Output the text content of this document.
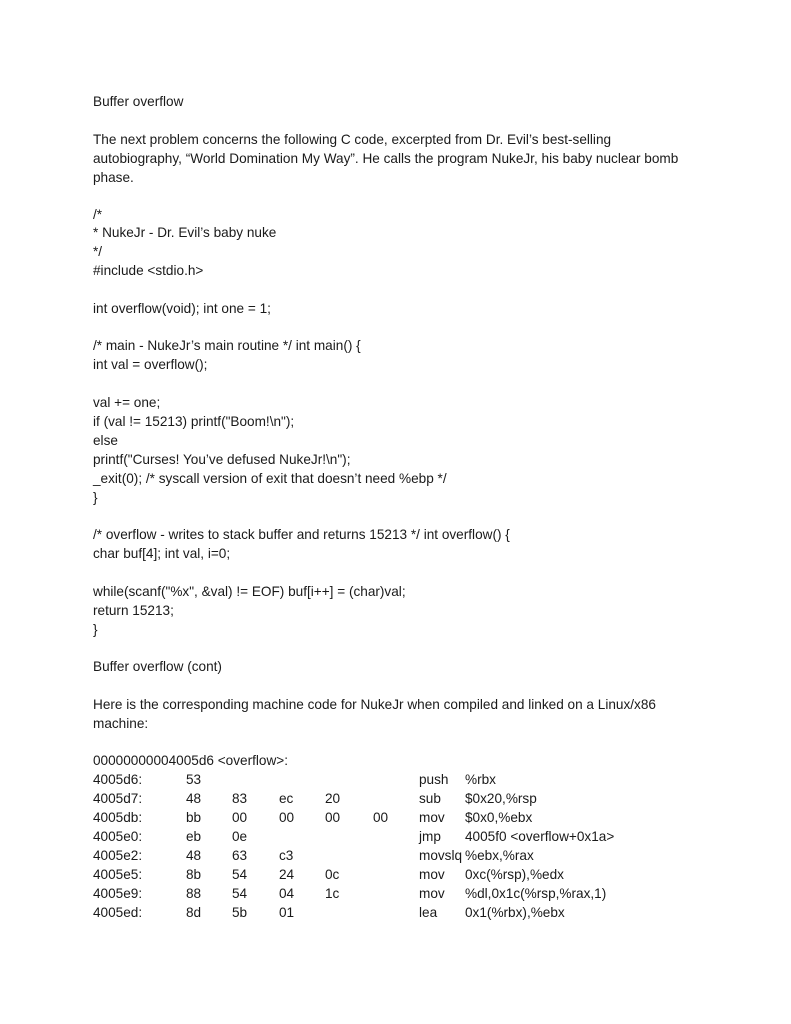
Buffer overflow
The next problem concerns the following C code, excerpted from Dr. Evil’s best-selling autobiography, “World Domination My Way”. He calls the program NukeJr, his baby nuclear bomb phase.
/*
* NukeJr - Dr. Evil’s baby nuke
*/
#include <stdio.h>
int overflow(void); int one = 1;
/* main - NukeJr’s main routine */ int main() {
int val = overflow();
val += one;
if (val != 15213) printf("Boom!\n");
else
printf("Curses! You’ve defused NukeJr!\n");
_exit(0); /* syscall version of exit that doesn’t need %ebp */
}
/* overflow - writes to stack buffer and returns 15213 */ int overflow() {
char buf[4]; int val, i=0;
while(scanf("%x", &val) != EOF) buf[i++] = (char)val;
return 15213;
}
Buffer overflow (cont)
Here is the corresponding machine code for NukeJr when compiled and linked on a Linux/x86 machine:
00000000004005d6 <overflow>:
4005d6:	53	push %rbx
4005d7:	48 83 ec 20	sub $0x20,%rsp
4005db:	bb 00 00 00 00 mov $0x0,%ebx
4005e0:	eb 0e	jmp 4005f0 <overflow+0x1a>
4005e2:	48 63 c3	movslq %ebx,%rax
4005e5:	8b 54 24 0c	mov 0xc(%rsp),%edx
4005e9:	88 54 04 1c	mov %dl,0x1c(%rsp,%rax,1)
4005ed:	8d 5b 01	lea 0x1(%rbx),%ebx
